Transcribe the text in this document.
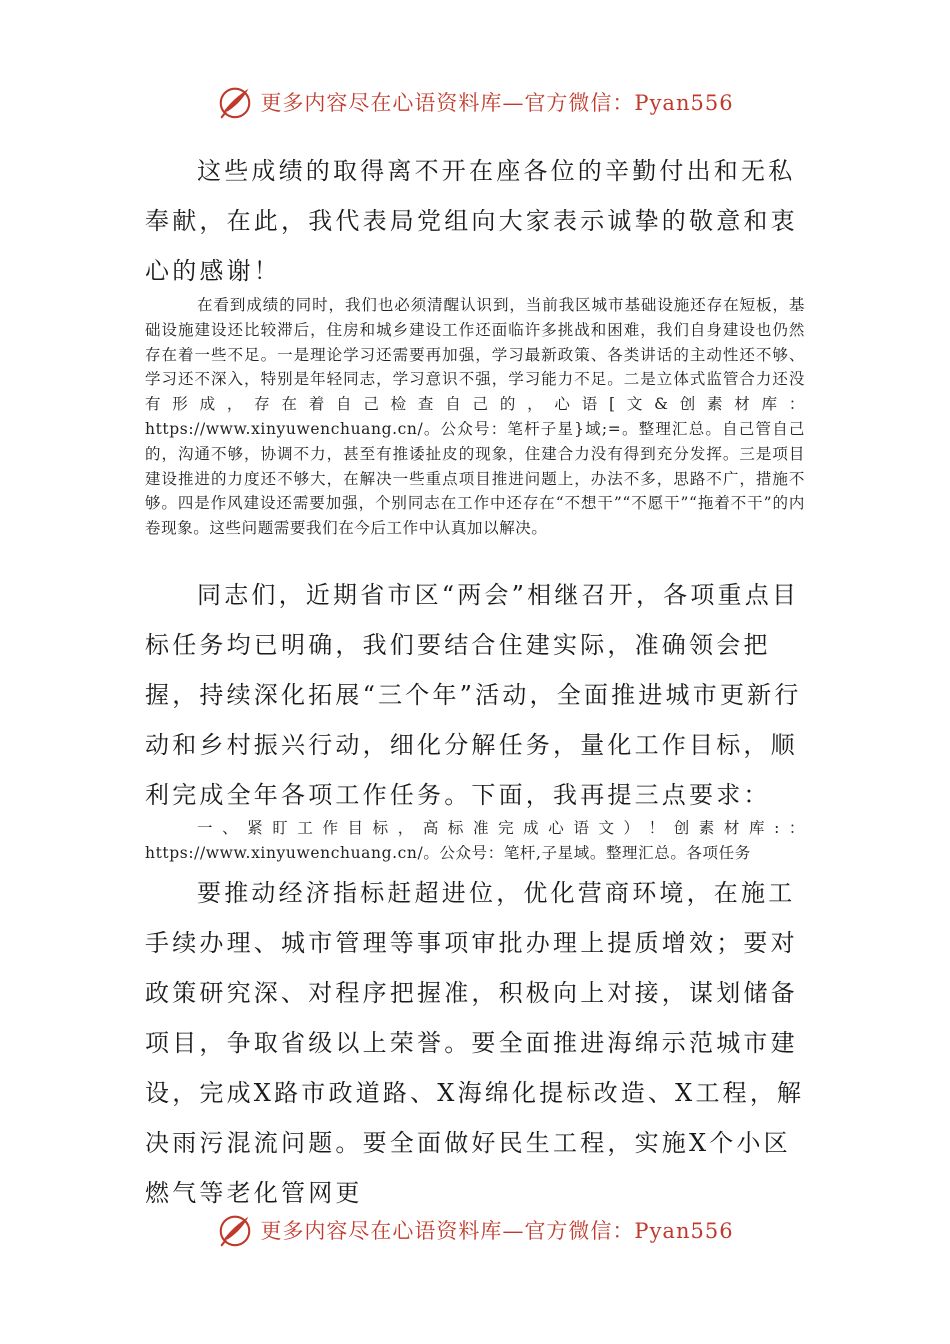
更多内容尽在心语资料库—官方微信：Pyan556

这些成绩的取得离不开在座各位的辛勤付出和无私奉献，在此，我代表局党组向大家表示诚挚的敬意和衷心的感谢！

在看到成绩的同时，我们也必须清醒认识到，当前我区城市基础设施还存在短板，基础设施建设还比较滞后，住房和城乡建设工作还面临许多挑战和困难，我们自身建设也仍然存在着一些不足。一是理论学习还需要再加强，学习最新政策、各类讲话的主动性还不够、学习还不深入，特别是年轻同志，学习意识不强，学习能力不足。二是立体式监管合力还没有形成，存在着自己检查自己的，心语[文&创素材库：https://www.xinyuwenchuang.cn/。公众号：笔杆子星}域;=。整理汇总。自己管自己的，沟通不够，协调不力，甚至有推诿扯皮的现象，住建合力没有得到充分发挥。三是项目建设推进的力度还不够大，在解决一些重点项目推进问题上，办法不多，思路不广，措施不够。四是作风建设还需要加强，个别同志在工作中还存在“不想干”“不愿干”“拖着不干”的内卷现象。这些问题需要我们在今后工作中认真加以解决。

同志们，近期省市区“两会”相继召开，各项重点目标任务均已明确，我们要结合住建实际，准确领会把握，持续深化拓展“三个年”活动，全面推进城市更新行动和乡村振兴行动，细化分解任务，量化工作目标，顺利完成全年各项工作任务。下面，我再提三点要求：

一、紧盯工作目标，高标准完成心语文）！创素材库:：https://www.xinyuwenchuang.cn/。公众号：笔杆,子星域。整理汇总。各项任务

要推动经济指标赶超进位，优化营商环境，在施工手续办理、城市管理等事项审批办理上提质增效；要对政策研究深、对程序把握准，积极向上对接，谋划储备项目，争取省级以上荣誉。要全面推进海绵示范城市建设，完成X路市政道路、X海绵化提标改造、X工程，解决雨污混流问题。要全面做好民生工程，实施X个小区燃气等老化管网更

更多内容尽在心语资料库—官方微信：Pyan556
